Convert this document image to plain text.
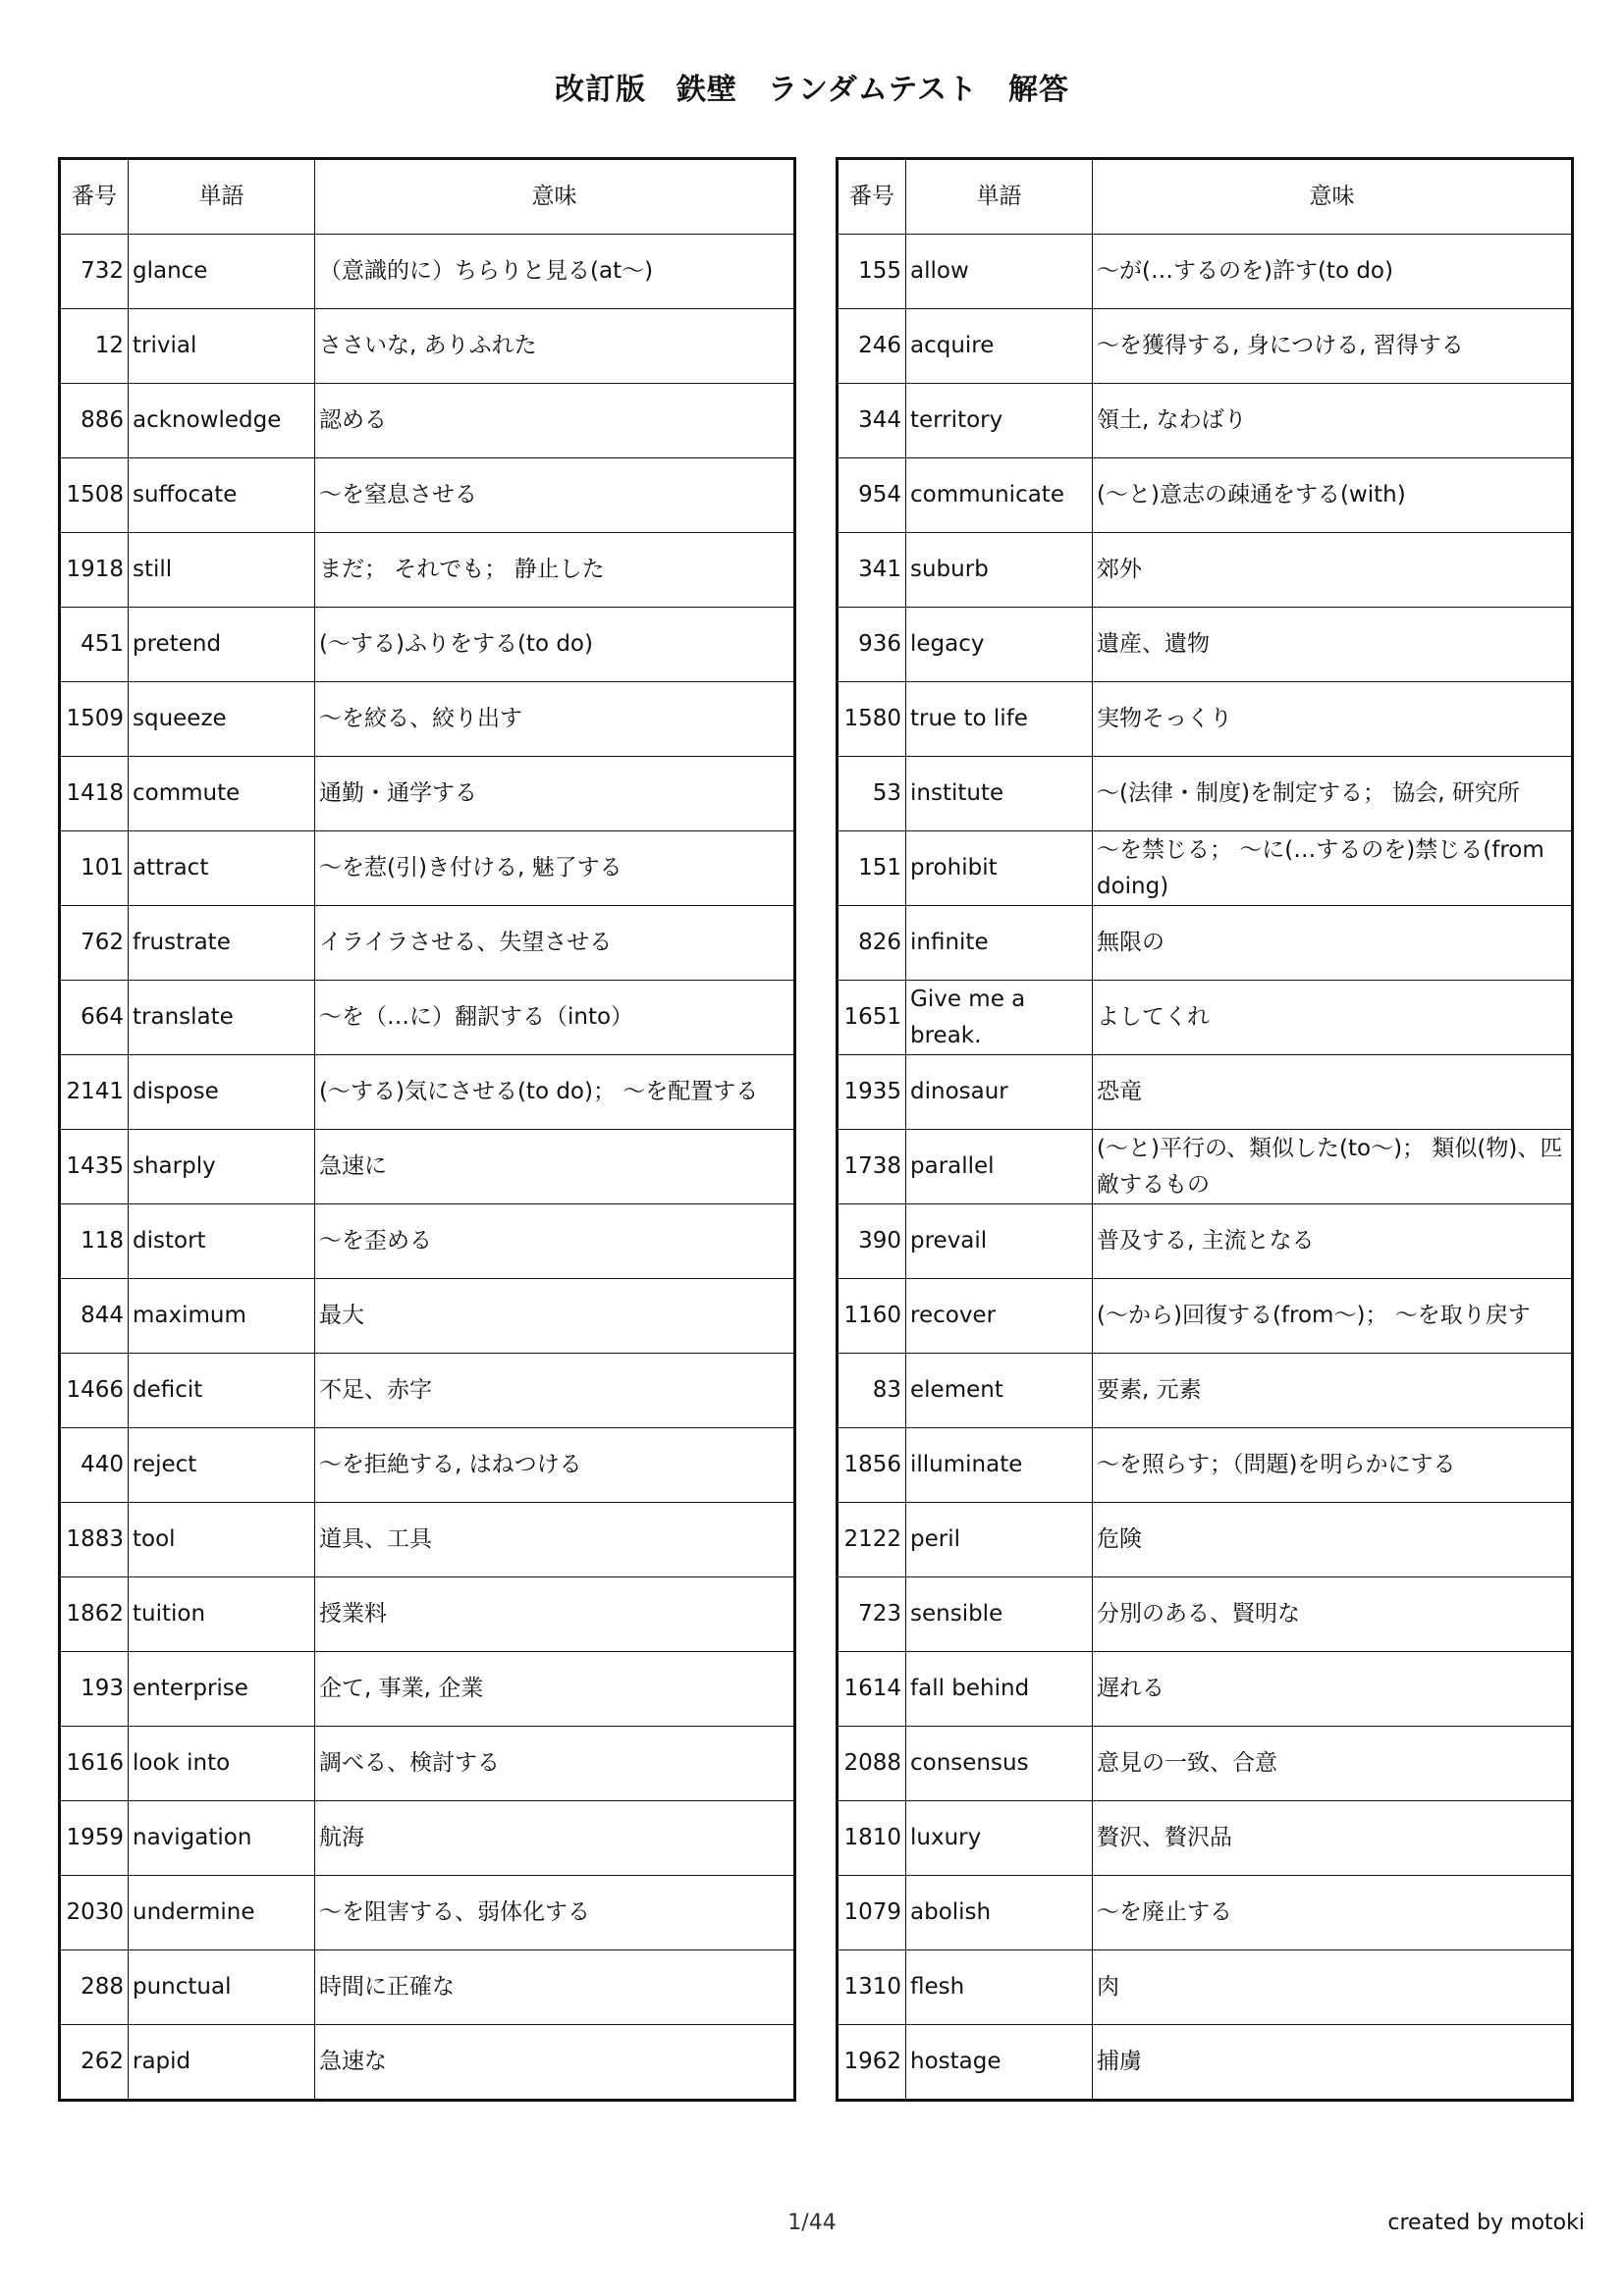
改訂版　鉄壁　ランダムテスト　解答
番号	単語	意味
732	glance	（意識的に）ちらりと見る(at～)
12	trivial	ささいな, ありふれた
886	acknowledge	認める
1508	suffocate	～を窒息させる
1918	still	まだ； それでも； 静止した
451	pretend	(～する)ふりをする(to do)
1509	squeeze	～を絞る、絞り出す
1418	commute	通勤・通学する
101	attract	～を惹(引)き付ける, 魅了する
762	frustrate	イライラさせる、失望させる
664	translate	～を（…に）翻訳する（into）
2141	dispose	(～する)気にさせる(to do)； ～を配置する
1435	sharply	急速に
118	distort	～を歪める
844	maximum	最大
1466	deficit	不足、赤字
440	reject	～を拒絶する, はねつける
1883	tool	道具、工具
1862	tuition	授業料
193	enterprise	企て, 事業, 企業
1616	look into	調べる、検討する
1959	navigation	航海
2030	undermine	～を阻害する、弱体化する
288	punctual	時間に正確な
262	rapid	急速な
番号	単語	意味
155	allow	～が(…するのを)許す(to do)
246	acquire	～を獲得する, 身につける, 習得する
344	territory	領土, なわばり
954	communicate	(～と)意志の疎通をする(with)
341	suburb	郊外
936	legacy	遺産、遺物
1580	true to life	実物そっくり
53	institute	～(法律・制度)を制定する； 協会, 研究所
151	prohibit	～を禁じる； ～に(…するのを)禁じる(from doing)
826	infinite	無限の
1651	Give me a break.	よしてくれ
1935	dinosaur	恐竜
1738	parallel	(～と)平行の、類似した(to～)； 類似(物)、匹敵するもの
390	prevail	普及する, 主流となる
1160	recover	(～から)回復する(from～)； ～を取り戻す
83	element	要素, 元素
1856	illuminate	～を照らす；（問題)を明らかにする
2122	peril	危険
723	sensible	分別のある、賢明な
1614	fall behind	遅れる
2088	consensus	意見の一致、合意
1810	luxury	贅沢、贅沢品
1079	abolish	～を廃止する
1310	flesh	肉
1962	hostage	捕虜
1/44	created by motoki
